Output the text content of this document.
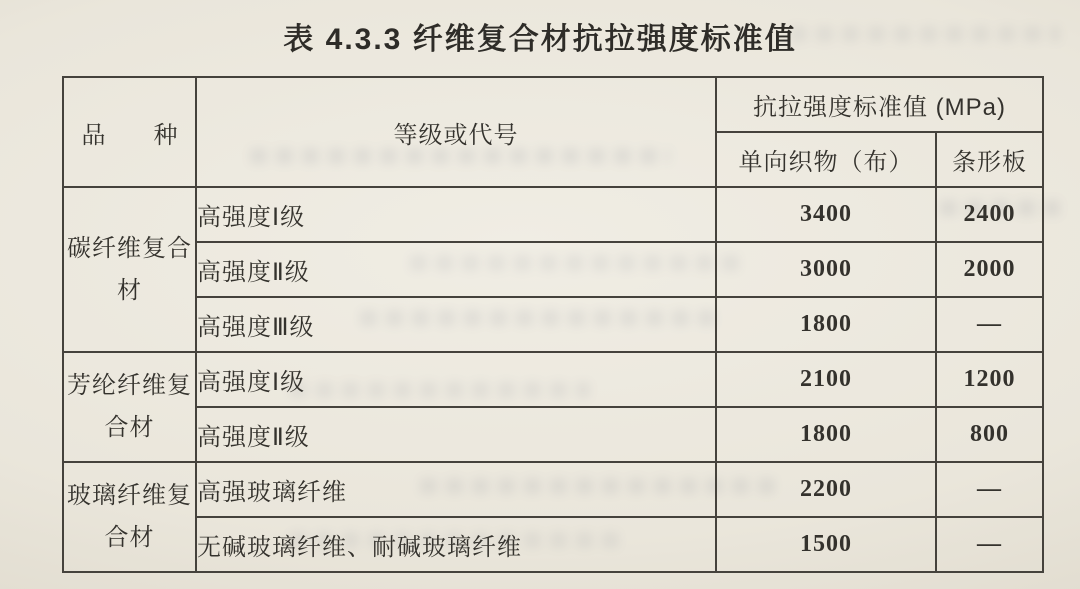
表 4.3.3 纤维复合材抗拉强度标准值
品　　种	等级或代号	抗拉强度标准值 (MPa)	
		单向织物（布）	条形板
碳纤维复合材	高强度Ⅰ级	3400	2400
	高强度Ⅱ级	3000	2000
	高强度Ⅲ级	1800	—
芳纶纤维复合材	高强度Ⅰ级	2100	1200
	高强度Ⅱ级	1800	800
玻璃纤维复合材	高强玻璃纤维	2200	—
	无碱玻璃纤维、耐碱玻璃纤维	1500	—
